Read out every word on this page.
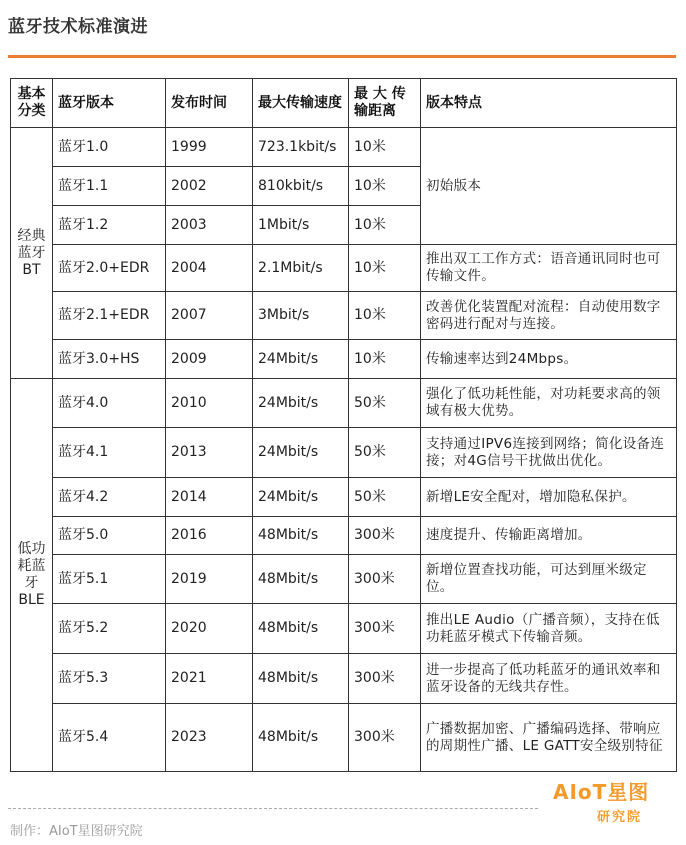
蓝牙技术标准演进
基本分类	蓝牙版本	发布时间	最大传输速度	最 大 传输距离	版本特点
经典蓝牙BT	蓝牙1.0	1999	723.1kbit/s	10米	初始版本
	蓝牙1.1	2002	810kbit/s	10米	
	蓝牙1.2	2003	1Mbit/s	10米	
	蓝牙2.0+EDR	2004	2.1Mbit/s	10米	推出双工工作方式：语音通讯同时也可传输文件。
	蓝牙2.1+EDR	2007	3Mbit/s	10米	改善优化装置配对流程：自动使用数字密码进行配对与连接。
	蓝牙3.0+HS	2009	24Mbit/s	10米	传输速率达到24Mbps。
低功耗蓝牙BLE	蓝牙4.0	2010	24Mbit/s	50米	强化了低功耗性能，对功耗要求高的领域有极大优势。
	蓝牙4.1	2013	24Mbit/s	50米	支持通过IPV6连接到网络；简化设备连接；对4G信号干扰做出优化。
	蓝牙4.2	2014	24Mbit/s	50米	新增LE安全配对，增加隐私保护。
	蓝牙5.0	2016	48Mbit/s	300米	速度提升、传输距离增加。
	蓝牙5.1	2019	48Mbit/s	300米	新增位置查找功能，可达到厘米级定位。
	蓝牙5.2	2020	48Mbit/s	300米	推出LE Audio（广播音频），支持在低功耗蓝牙模式下传输音频。
	蓝牙5.3	2021	48Mbit/s	300米	进一步提高了低功耗蓝牙的通讯效率和蓝牙设备的无线共存性。
	蓝牙5.4	2023	48Mbit/s	300米	广播数据加密、广播编码选择、带响应的周期性广播、LE GATT安全级别特征
制作：AIoT星图研究院
AIoT星图
研究院
